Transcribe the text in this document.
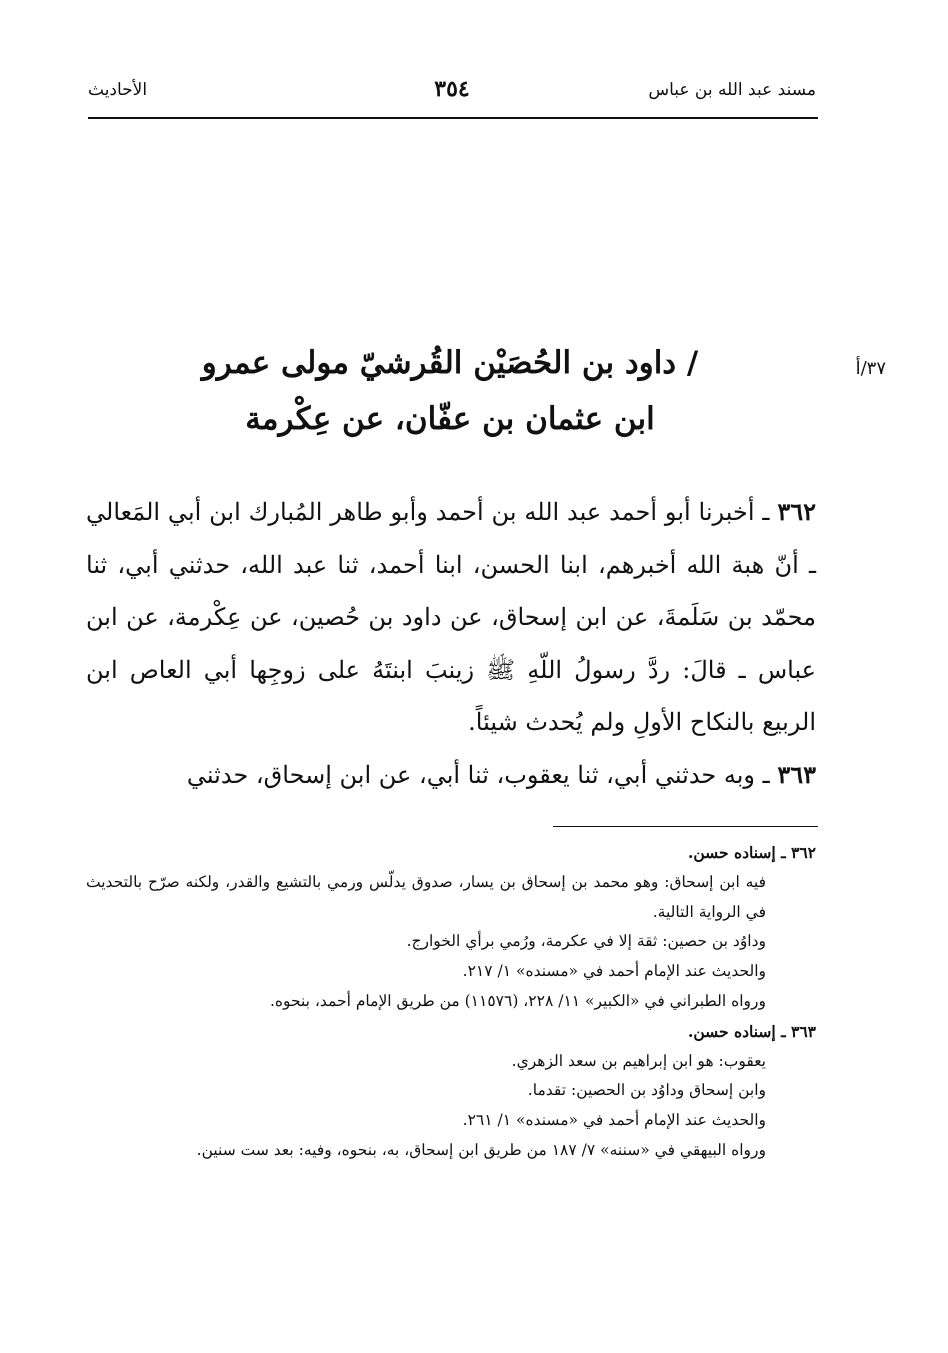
مسند عبد الله بن عباس
٣٥٤
الأحاديث
٣٧/أ
/ داود بن الحُصَيْن القُرشيّ مولى عمرو
ابن عثمان بن عفّان، عن عِكْرمة

٣٦٢ ـ أخبرنا أبو أحمد عبد الله بن أحمد وأبو طاهر المُبارك ابن أبي المَعالي ـ أنّ هبة الله أخبرهم، ابنا الحسن، ابنا أحمد، ثنا عبد الله، حدثني أبي، ثنا محمّد بن سَلَمةَ، عن ابن إسحاق، عن داود بن حُصين، عن عِكْرمة، عن ابن عباس ـ قالَ: ردَّ رسولُ اللّهِ ﷺ زينبَ ابنتَهُ على زوجِها أبي العاص ابن الربيع بالنكاح الأولِ ولم يُحدث شيئاً.

٣٦٣ ـ وبه حدثني أبي، ثنا يعقوب، ثنا أبي، عن ابن إسحاق، حدثني

٣٦٢ ـ إسناده حسن.

فيه ابن إسحاق: وهو محمد بن إسحاق بن يسار، صدوق يدلّس ورمي بالتشيع والقدر، ولكنه صرّح بالتحديث في الرواية التالية.

وداوُد بن حصين: ثقة إلا في عكرمة، ورُمي برأي الخوارج.

والحديث عند الإمام أحمد في «مسنده» ١/ ٢١٧.

ورواه الطبراني في «الكبير» ١١/ ٢٢٨، (١١٥٧٦) من طريق الإمام أحمد، بنحوه.

٣٦٣ ـ إسناده حسن.

يعقوب: هو ابن إبراهيم بن سعد الزهري.

وابن إسحاق وداوُد بن الحصين: تقدما.

والحديث عند الإمام أحمد في «مسنده» ١/ ٢٦١.

ورواه البيهقي في «سننه» ٧/ ١٨٧ من طريق ابن إسحاق، به، بنحوه، وفيه: بعد ست سنين.
